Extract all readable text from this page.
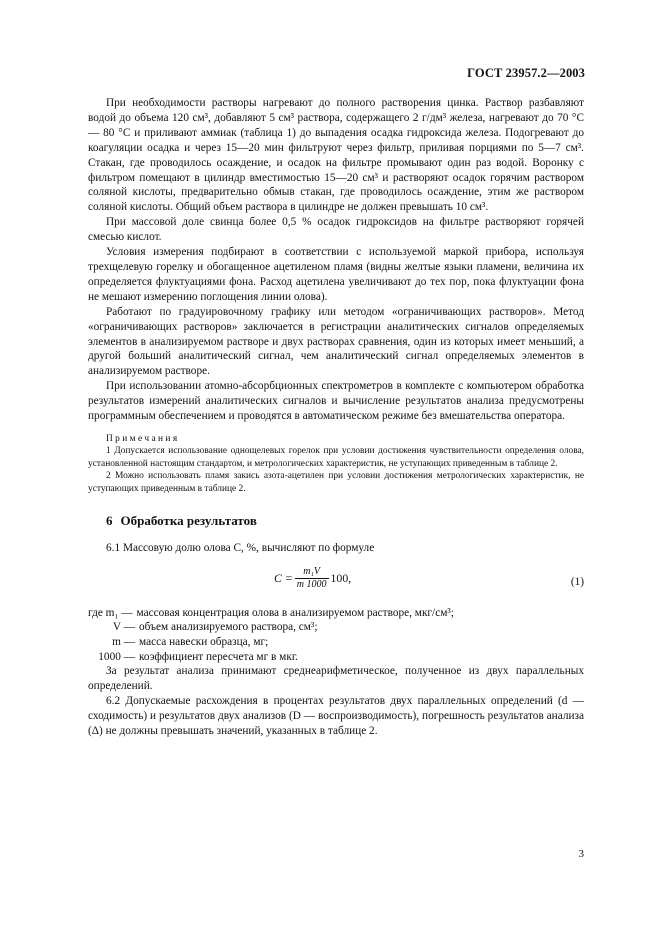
ГОСТ 23957.2—2003

При необходимости растворы нагревают до полного растворения цинка. Раствор разбавляют водой до объема 120 см³, добавляют 5 см³ раствора, содержащего 2 г/дм³ железа, нагревают до 70 °С — 80 °С и приливают аммиак (таблица 1) до выпадения осадка гидроксида железа. Подогревают до коагуляции осадка и через 15—20 мин фильтруют через фильтр, приливая порциями по 5—7 см³. Стакан, где проводилось осаждение, и осадок на фильтре промывают один раз водой. Воронку с фильтром помещают в цилиндр вместимостью 15—20 см³ и растворяют осадок горячим раствором соляной кислоты, предварительно обмыв стакан, где проводилось осаждение, этим же раствором соляной кислоты. Общий объем раствора в цилиндре не должен превышать 10 см³.

При массовой доле свинца более 0,5 % осадок гидроксидов на фильтре растворяют горячей смесью кислот.

Условия измерения подбирают в соответствии с используемой маркой прибора, используя трехщелевую горелку и обогащенное ацетиленом пламя (видны желтые языки пламени, величина их определяется флуктуациями фона. Расход ацетилена увеличивают до тех пор, пока флуктуации фона не мешают измерению поглощения линии олова).

Работают по градуировочному графику или методом «ограничивающих растворов». Метод «ограничивающих растворов» заключается в регистрации аналитических сигналов определяемых элементов в анализируемом растворе и двух растворах сравнения, один из которых имеет меньший, а другой больший аналитический сигнал, чем аналитический сигнал определяемых элементов в анализируемом растворе.

При использовании атомно-абсорбционных спектрометров в комплекте с компьютером обработка результатов измерений аналитических сигналов и вычисление результатов анализа предусмотрены программным обеспечением и проводятся в автоматическом режиме без вмешательства оператора.

Примечания

1 Допускается использование однощелевых горелок при условии достижения чувствительности определения олова, установленной настоящим стандартом, и метрологических характеристик, не уступающих приведенным в таблице 2.

2 Можно использовать пламя закись азота-ацетилен при условии достижения метрологических характеристик, не уступающих приведенным в таблице 2.

6 Обработка результатов

6.1 Массовую долю олова С, %, вычисляют по формуле

$C = \frac{\text{m₁V}}{m 1000} 100$,	(1)
где m₁ — массовая концентрация олова в анализируемом растворе, мкг/см³;
V — объем анализируемого раствора, см³;
m — масса навески образца, мг;
1000 — коэффициент пересчета мг в мкг.

За результат анализа принимают среднеарифметическое, полученное из двух параллельных определений.

6.2 Допускаемые расхождения в процентах результатов двух параллельных определений (d — сходимость) и результатов двух анализов (D — воспроизводимость), погрешность результатов анализа (Δ) не должны превышать значений, указанных в таблице 2.

3
